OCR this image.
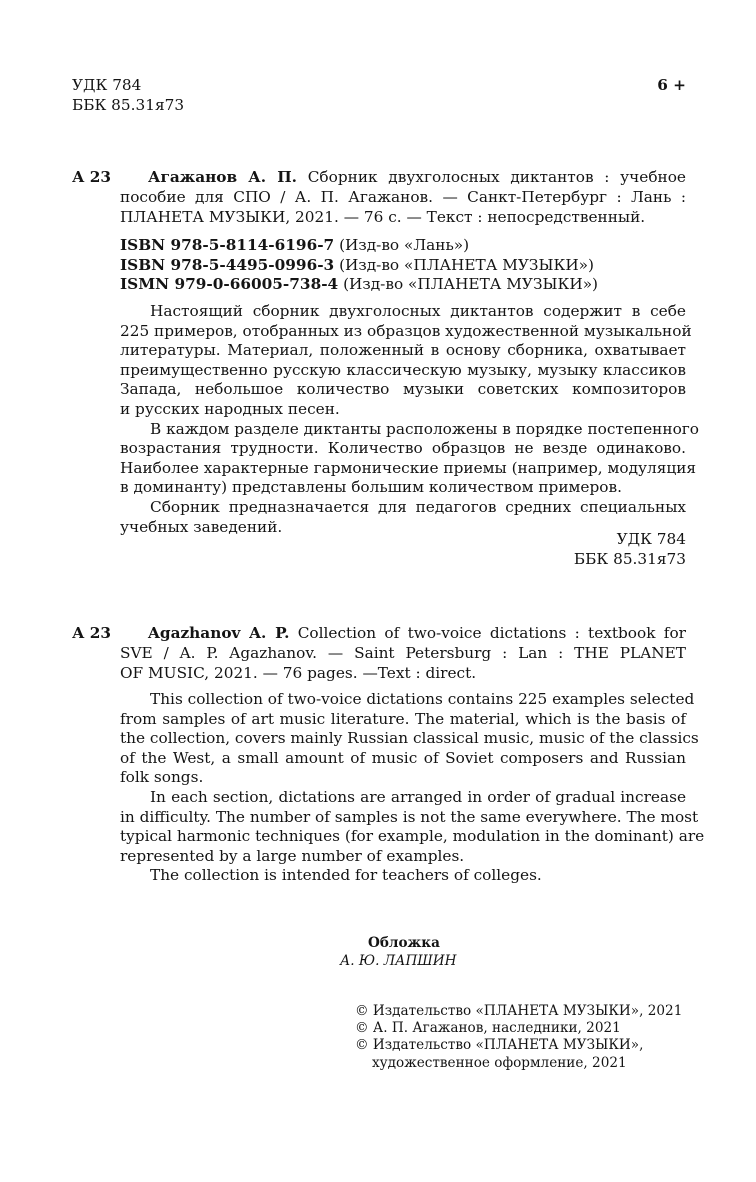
УДК 784
ББК 85.31я73
6 +
А 23 Агажанов А. П. Сборник двухголосных диктантов : учебное
пособие для СПО / А. П. Агажанов. — Санкт-Петербург : Лань :
ПЛАНЕТА МУЗЫКИ, 2021. — 76 с. — Текст : непосредственный.
ISBN 978-5-8114-6196-7 (Изд-во «Лань»)
ISBN 978-5-4495-0996-3 (Изд-во «ПЛАНЕТА МУЗЫКИ»)
ISMN 979-0-66005-738-4 (Изд-во «ПЛАНЕТА МУЗЫКИ»)
Настоящий сборник двухголосных диктантов содержит в себе
225 примеров, отобранных из образцов художественной музыкальной
литературы. Материал, положенный в основу сборника, охватывает
преимущественно русскую классическую музыку, музыку классиков
Запада, небольшое количество музыки советских композиторов
и русских народных песен.
В каждом разделе диктанты расположены в порядке постепенного
возрастания трудности. Количество образцов не везде одинаково.
Наиболее характерные гармонические приемы (например, модуляция
в доминанту) представлены большим количеством примеров.
Сборник предназначается для педагогов средних специальных
учебных заведений.
УДК 784
ББК 85.31я73
А 23 Agazhanov A. P. Collection of two-voice dictations : textbook for
SVE / A. P. Agazhanov. — Saint Petersburg : Lan : THE PLANET
OF MUSIC, 2021. — 76 pages. —Text : direct.
This collection of two-voice dictations contains 225 examples selected
from samples of art music literature. The material, which is the basis of
the collection, covers mainly Russian classical music, music of the classics
of the West, a small amount of music of Soviet composers and Russian
folk songs.
In each section, dictations are arranged in order of gradual increase
in difficulty. The number of samples is not the same everywhere. The most
typical harmonic techniques (for example, modulation in the dominant) are
represented by a large number of examples.
The collection is intended for teachers of colleges.
Обложка
А. Ю. ЛАПШИН
© Издательство «ПЛАНЕТА МУЗЫКИ», 2021
© А. П. Агажанов, наследники, 2021
© Издательство «ПЛАНЕТА МУЗЫКИ»,
художественное оформление, 2021
